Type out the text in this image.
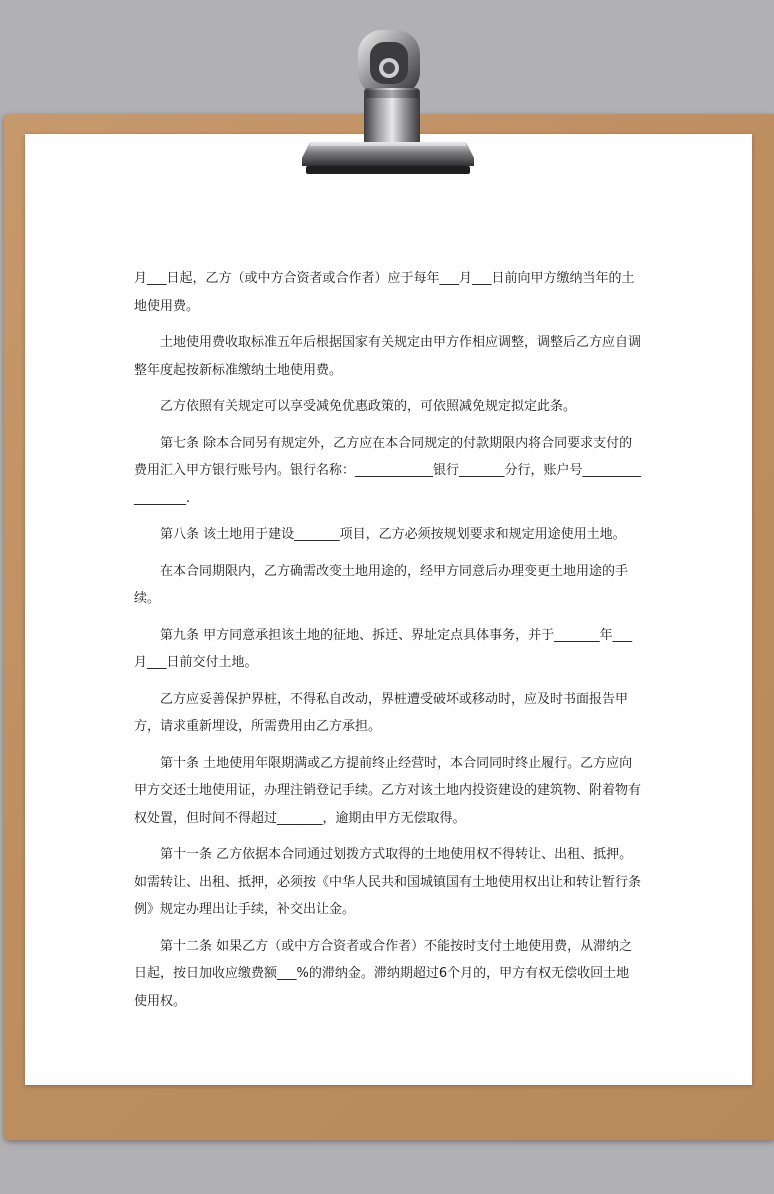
月___日起，乙方（或中方合资者或合作者）应于每年___月___日前向甲方缴纳当年的土地使用费。

土地使用费收取标准五年后根据国家有关规定由甲方作相应调整，调整后乙方应自调整年度起按新标准缴纳土地使用费。

乙方依照有关规定可以享受减免优惠政策的，可依照减免规定拟定此条。

第七条 除本合同另有规定外，乙方应在本合同规定的付款期限内将合同要求支付的费用汇入甲方银行账号内。银行名称：____________银行_______分行，账户号_________________.

第八条 该土地用于建设_______项目，乙方必须按规划要求和规定用途使用土地。

在本合同期限内，乙方确需改变土地用途的，经甲方同意后办理变更土地用途的手续。

第九条 甲方同意承担该土地的征地、拆迁、界址定点具体事务，并于_______年___月___日前交付土地。

乙方应妥善保护界桩，不得私自改动，界桩遭受破坏或移动时，应及时书面报告甲方，请求重新埋设，所需费用由乙方承担。

第十条 土地使用年限期满或乙方提前终止经营时，本合同同时终止履行。乙方应向甲方交还土地使用证，办理注销登记手续。乙方对该土地内投资建设的建筑物、附着物有权处置，但时间不得超过_______，逾期由甲方无偿取得。

第十一条 乙方依据本合同通过划拨方式取得的土地使用权不得转让、出租、抵押。如需转让、出租、抵押，必须按《中华人民共和国城镇国有土地使用权出让和转让暂行条例》规定办理出让手续，补交出让金。

第十二条 如果乙方（或中方合资者或合作者）不能按时支付土地使用费，从滞纳之日起，按日加收应缴费额___%的滞纳金。滞纳期超过6个月的，甲方有权无偿收回土地使用权。
